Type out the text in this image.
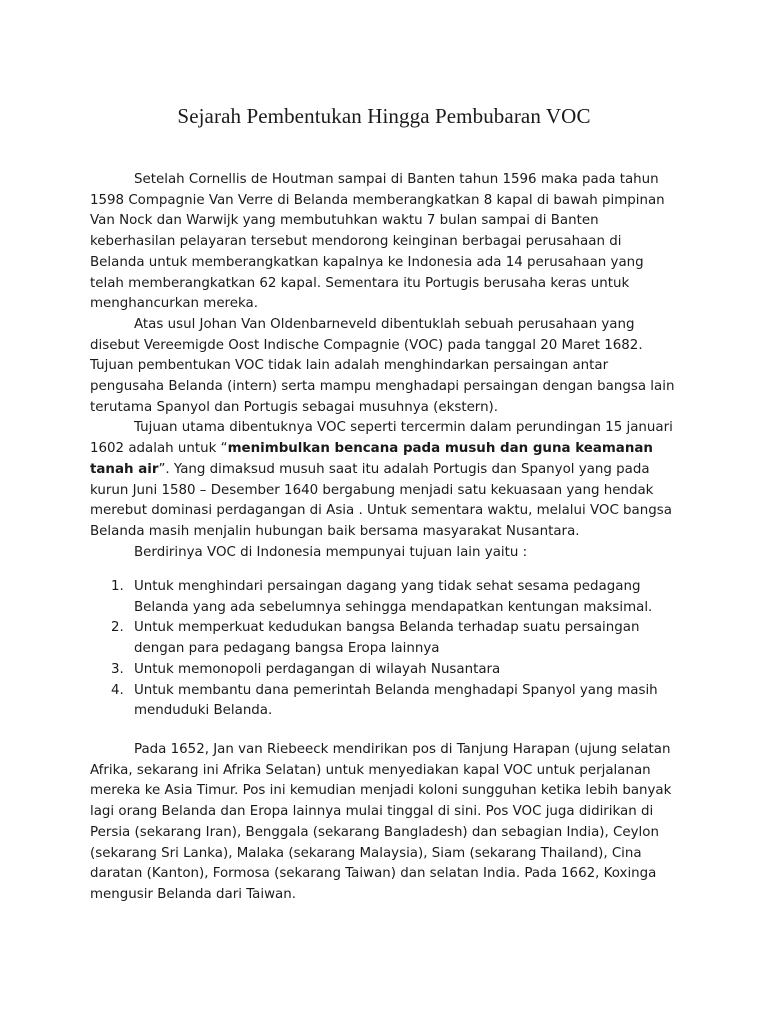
Sejarah Pembentukan Hingga Pembubaran VOC

Setelah Cornellis de Houtman sampai di Banten tahun 1596 maka pada tahun 1598 Compagnie Van Verre di Belanda memberangkatkan 8 kapal di bawah pimpinan Van Nock dan Warwijk yang membutuhkan waktu 7 bulan sampai di Banten keberhasilan pelayaran tersebut mendorong keinginan berbagai perusahaan di Belanda untuk memberangkatkan kapalnya ke Indonesia ada 14 perusahaan yang telah memberangkatkan 62 kapal. Sementara itu Portugis berusaha keras untuk menghancurkan mereka.

Atas usul Johan Van Oldenbarneveld dibentuklah sebuah perusahaan yang disebut Vereemigde Oost Indische Compagnie (VOC) pada tanggal 20 Maret 1682. Tujuan pembentukan VOC tidak lain adalah menghindarkan persaingan antar pengusaha Belanda (intern) serta mampu menghadapi persaingan dengan bangsa lain terutama Spanyol dan Portugis sebagai musuhnya (ekstern).

Tujuan utama dibentuknya VOC seperti tercermin dalam perundingan 15 januari 1602 adalah untuk “menimbulkan bencana pada musuh dan guna keamanan tanah air”. Yang dimaksud musuh saat itu adalah Portugis dan Spanyol yang pada kurun Juni 1580 – Desember 1640 bergabung menjadi satu kekuasaan yang hendak merebut dominasi perdagangan di Asia . Untuk sementara waktu, melalui VOC bangsa Belanda masih menjalin hubungan baik bersama masyarakat Nusantara.

Berdirinya VOC di Indonesia mempunyai tujuan lain yaitu :

1. Untuk menghindari persaingan dagang yang tidak sehat sesama pedagang Belanda yang ada sebelumnya sehingga mendapatkan kentungan maksimal.
2. Untuk memperkuat kedudukan bangsa Belanda terhadap suatu persaingan dengan para pedagang bangsa Eropa lainnya
3. Untuk memonopoli perdagangan di wilayah Nusantara
4. Untuk membantu dana pemerintah Belanda menghadapi Spanyol yang masih menduduki Belanda.

Pada 1652, Jan van Riebeeck mendirikan pos di Tanjung Harapan (ujung selatan Afrika, sekarang ini Afrika Selatan) untuk menyediakan kapal VOC untuk perjalanan mereka ke Asia Timur. Pos ini kemudian menjadi koloni sungguhan ketika lebih banyak lagi orang Belanda dan Eropa lainnya mulai tinggal di sini. Pos VOC juga didirikan di Persia (sekarang Iran), Benggala (sekarang Bangladesh) dan sebagian India), Ceylon (sekarang Sri Lanka), Malaka (sekarang Malaysia), Siam (sekarang Thailand), Cina daratan (Kanton), Formosa (sekarang Taiwan) dan selatan India. Pada 1662, Koxinga mengusir Belanda dari Taiwan.
